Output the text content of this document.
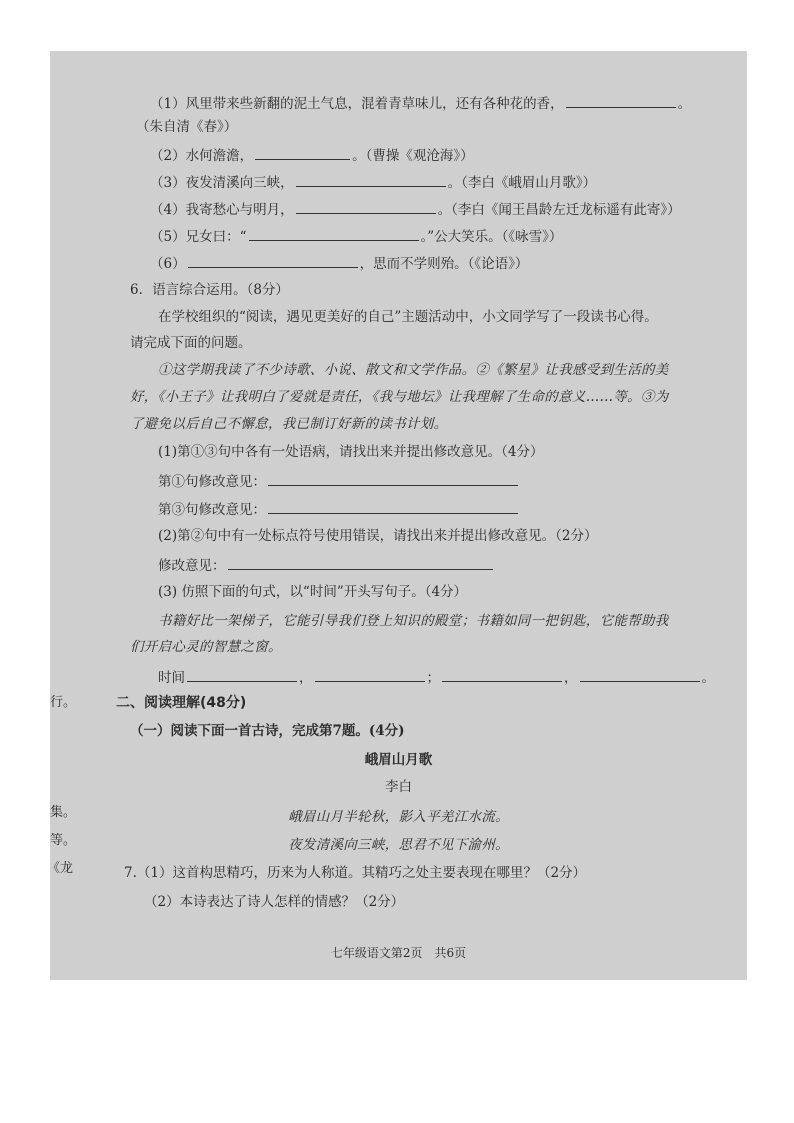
（1）风里带来些新翻的泥土气息，混着青草味儿，还有各种花的香，	。
（朱自清《春》）
（2）水何澹澹，	。（曹操《观沧海》）
（3）夜发清溪向三峡，	。（李白《峨眉山月歌》）
（4）我寄愁心与明月，	。（李白《闻王昌龄左迁龙标遥有此寄》）
（5）兄女曰：“	。”公大笑乐。（《咏雪》）
（6）	，思而不学则殆。（《论语》）
6．语言综合运用。（8分）
在学校组织的“阅读，遇见更美好的自己”主题活动中，小文同学写了一段读书心得。
请完成下面的问题。
①这学期我读了不少诗歌、小说、散文和文学作品。②《繁星》让我感受到生活的美
好，《小王子》让我明白了爱就是责任，《我与地坛》让我理解了生命的意义……等。③为
了避免以后自己不懈怠，我已制订好新的读书计划。
(1)第①③句中各有一处语病，请找出来并提出修改意见。（4分）
第①句修改意见：
第③句修改意见：
(2)第②句中有一处标点符号使用错误，请找出来并提出修改意见。（2分）
修改意见：
(3) 仿照下面的句式，以“时间”开头写句子。（4分）
书籍好比一架梯子，它能引导我们登上知识的殿堂；书籍如同一把钥匙，它能帮助我
们开启心灵的智慧之窗。
时间	，	；	，	。
二、阅读理解(48分)
（一）阅读下面一首古诗，完成第7题。(4分)
峨眉山月歌
李白
峨眉山月半轮秋，影入平羌江水流。
夜发清溪向三峡，思君不见下渝州。
7.（1）这首构思精巧，历来为人称道。其精巧之处主要表现在哪里？（2分）
（2）本诗表达了诗人怎样的情感？（2分）
七年级语文第2页　共6页
行。
集。
等。
《龙
